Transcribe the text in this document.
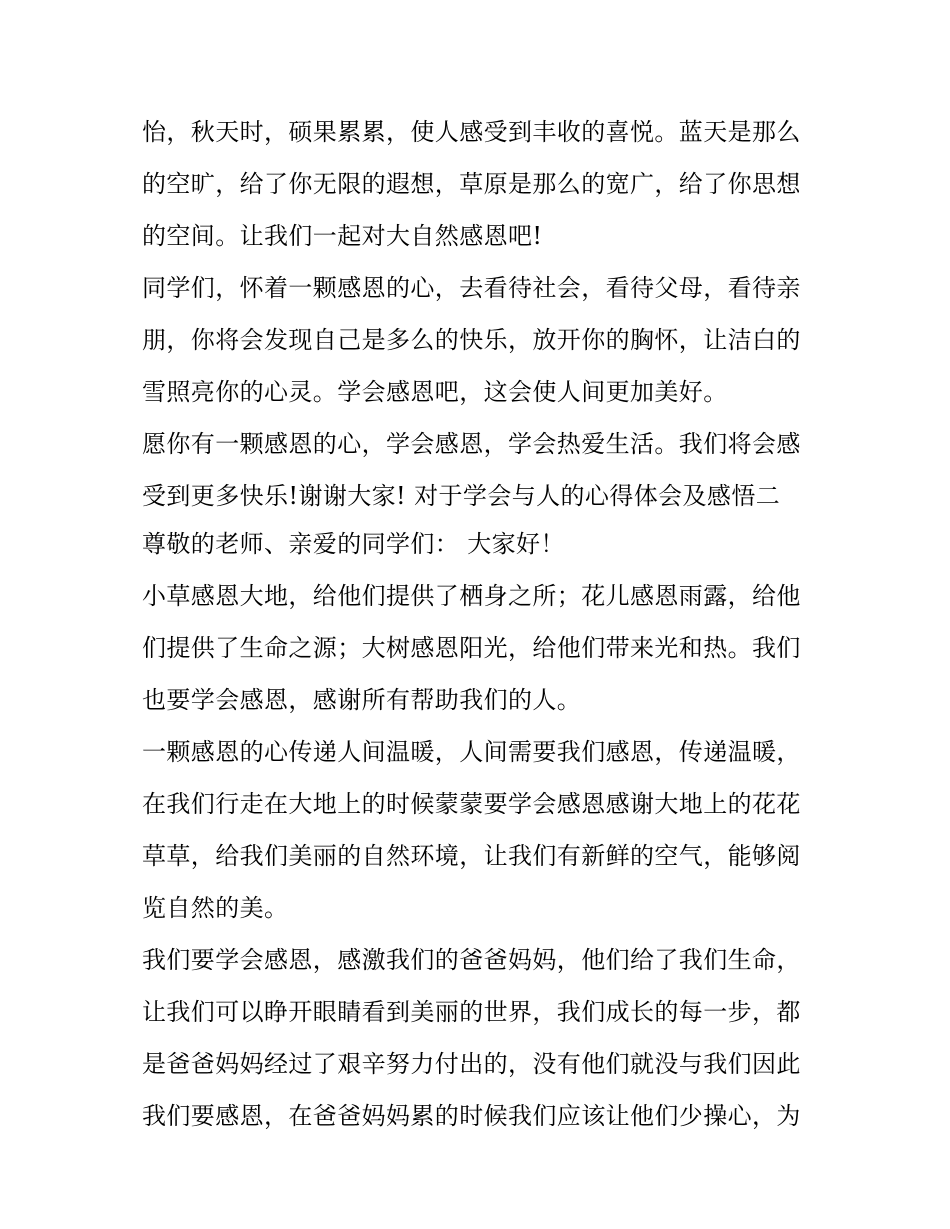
怡，秋天时，硕果累累，使人感受到丰收的喜悦。蓝天是那么
的空旷，给了你无限的遐想，草原是那么的宽广，给了你思想
的空间。让我们一起对大自然感恩吧!
同学们，怀着一颗感恩的心，去看待社会，看待父母，看待亲
朋，你将会发现自己是多么的快乐，放开你的胸怀，让洁白的
雪照亮你的心灵。学会感恩吧，这会使人间更加美好。
愿你有一颗感恩的心，学会感恩，学会热爱生活。我们将会感
受到更多快乐!谢谢大家! 对于学会与人的心得体会及感悟二
尊敬的老师、亲爱的同学们： 大家好！
小草感恩大地，给他们提供了栖身之所；花儿感恩雨露，给他
们提供了生命之源；大树感恩阳光，给他们带来光和热。我们
也要学会感恩，感谢所有帮助我们的人。
一颗感恩的心传递人间温暖，人间需要我们感恩，传递温暖，
在我们行走在大地上的时候蒙蒙要学会感恩感谢大地上的花花
草草，给我们美丽的自然环境，让我们有新鲜的空气，能够阅
览自然的美。
我们要学会感恩，感激我们的爸爸妈妈，他们给了我们生命，
让我们可以睁开眼睛看到美丽的世界，我们成长的每一步，都
是爸爸妈妈经过了艰辛努力付出的，没有他们就没与我们因此
我们要感恩，在爸爸妈妈累的时候我们应该让他们少操心，为
